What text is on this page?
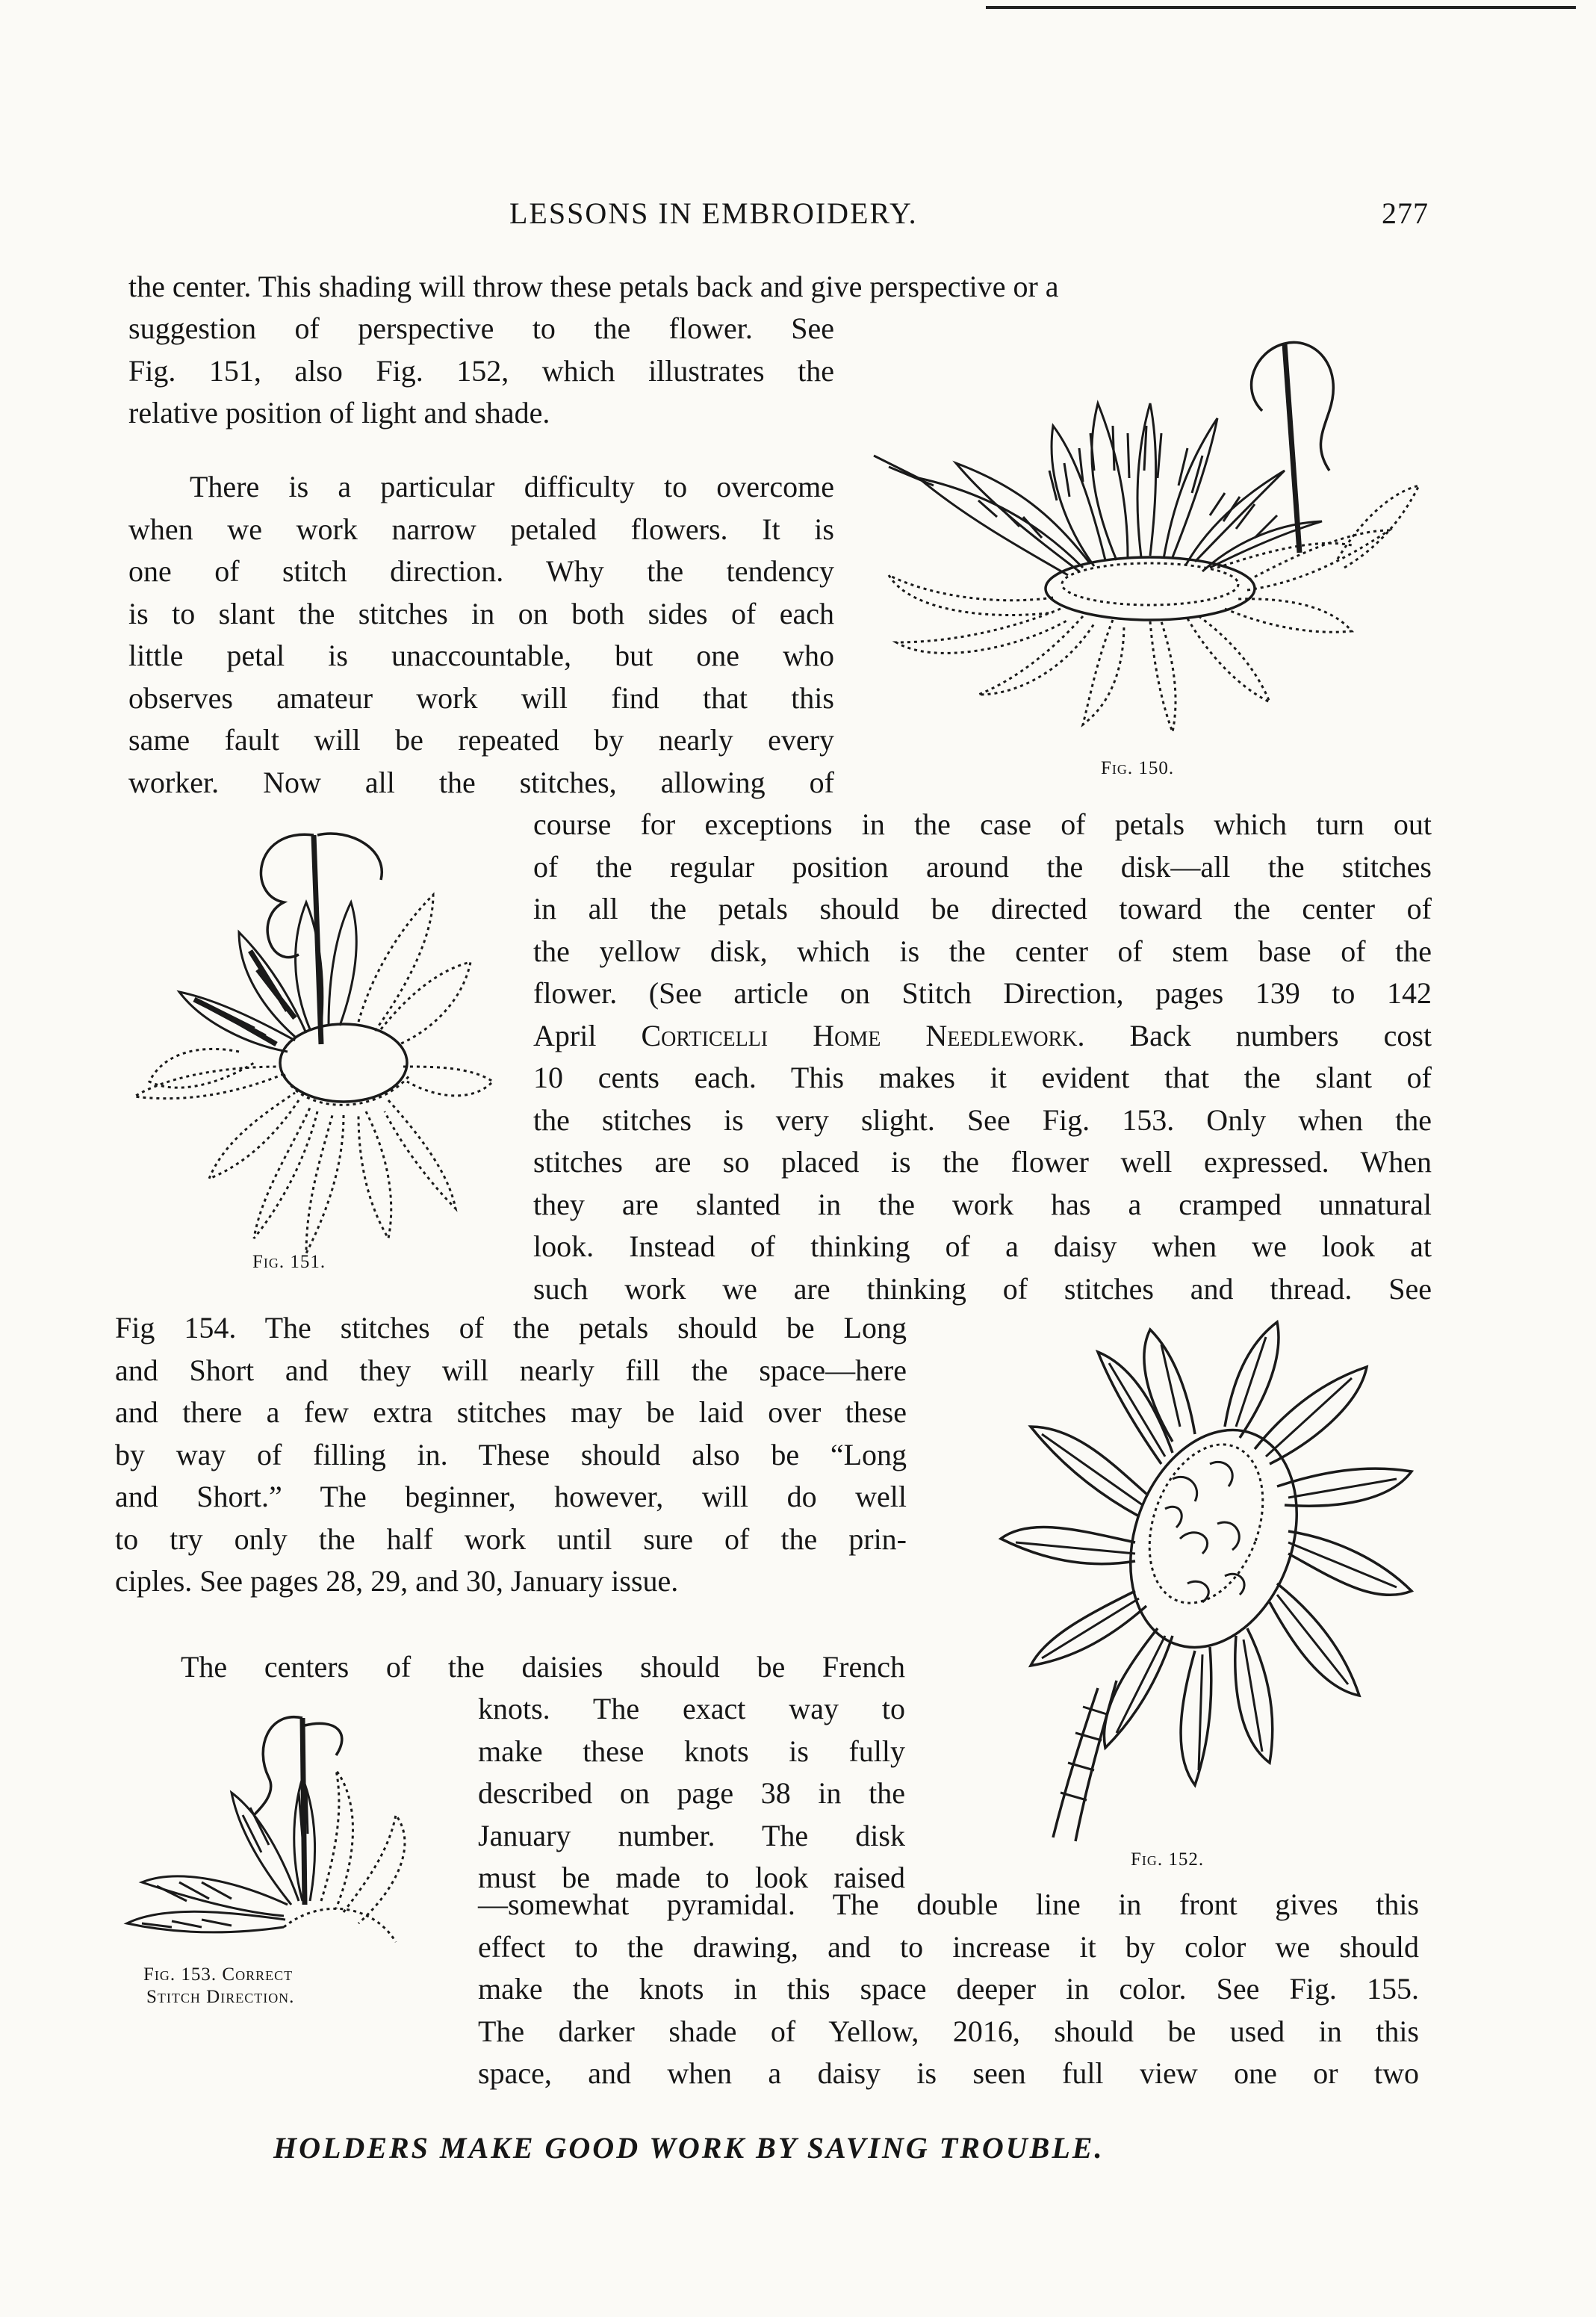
LESSONS IN EMBROIDERY.	277
the center. This shading will throw these petals back and give perspective or a
suggestion of perspective to the flower. See
Fig. 151, also Fig. 152, which illustrates the
relative position of light and shade.
There is a particular difficulty to overcome
when we work narrow petaled flowers. It is
one of stitch direction. Why the tendency
is to slant the stitches in on both sides of each
little petal is unaccountable, but one who
observes amateur work will find that this
same fault will be repeated by nearly every
worker. Now all the stitches, allowing of
course for exceptions in the case of petals which turn out
of the regular position around the disk—all the stitches
in all the petals should be directed toward the center of
the yellow disk, which is the center of stem base of the
flower. (See article on Stitch Direction, pages 139 to 142
April Corticelli Home Needlework. Back numbers cost
10 cents each. This makes it evident that the slant of
the stitches is very slight. See Fig. 153. Only when the
stitches are so placed is the flower well expressed. When
they are slanted in the work has a cramped unnatural
look. Instead of thinking of a daisy when we look at
such work we are thinking of stitches and thread. See
Fig 154. The stitches of the petals should be Long
and Short and they will nearly fill the space—here
and there a few extra stitches may be laid over these
by way of filling in. These should also be “Long
and Short.” The beginner, however, will do well
to try only the half work until sure of the prin-
ciples. See pages 28, 29, and 30, January issue.
The centers of the daisies should be French
knots. The exact way to
make these knots is fully
described on page 38 in the
January number. The disk
must be made to look raised
—somewhat pyramidal. The double line in front gives this
effect to the drawing, and to increase it by color we should
make the knots in this space deeper in color. See Fig. 155.
The darker shade of Yellow, 2016, should be used in this
space, and when a daisy is seen full view one or two
HOLDERS MAKE GOOD WORK BY SAVING TROUBLE.
Fig. 150.
Fig. 151.
Fig. 152.
Fig. 153. Correct
Stitch Direction.
